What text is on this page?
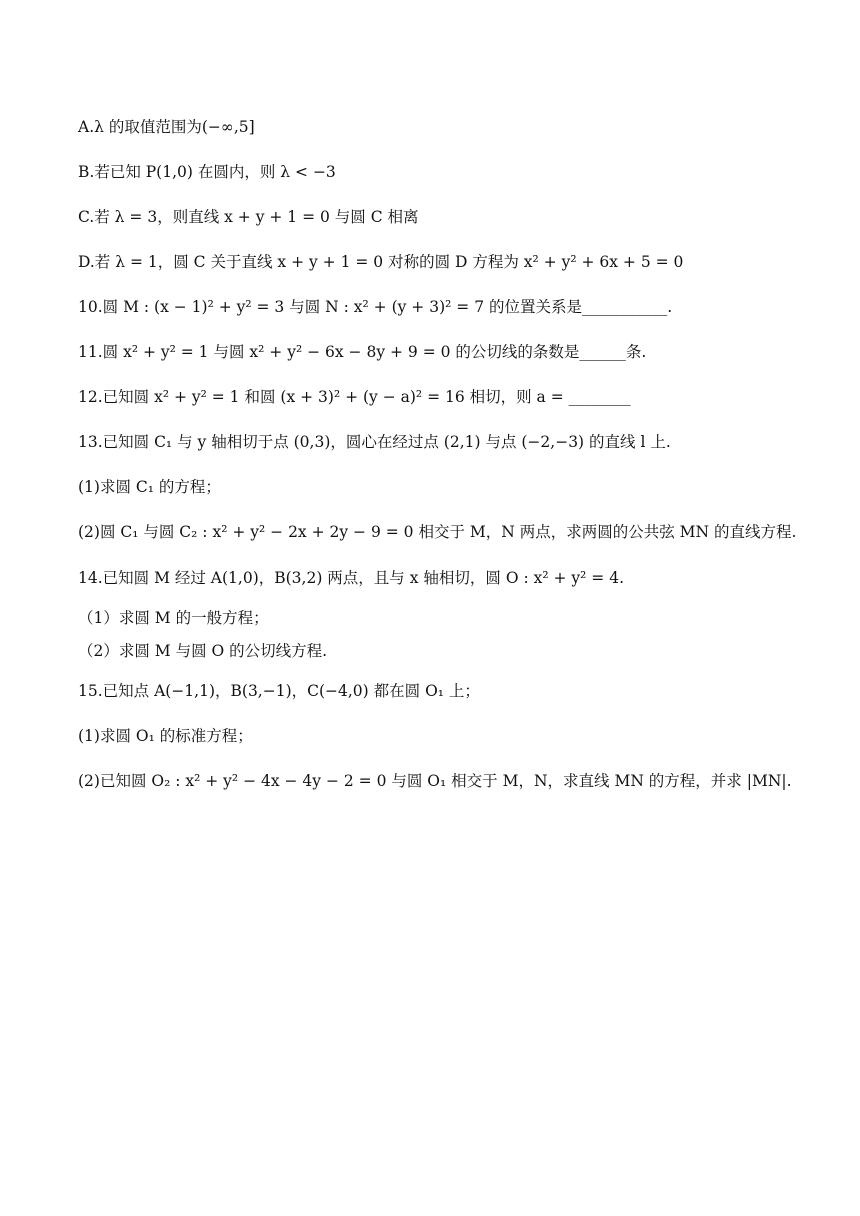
A.λ 的取值范围为(−∞,5]
B.若已知 P(1,0) 在圆内，则 λ < −3
C.若 λ = 3，则直线 x + y + 1 = 0 与圆 C 相离
D.若 λ = 1，圆 C 关于直线 x + y + 1 = 0 对称的圆 D 方程为 x² + y² + 6x + 5 = 0
10.圆 M : (x − 1)² + y² = 3 与圆 N : x² + (y + 3)² = 7 的位置关系是___________.
11.圆 x² + y² = 1 与圆 x² + y² − 6x − 8y + 9 = 0 的公切线的条数是______条.
12.已知圆 x² + y² = 1 和圆 (x + 3)² + (y − a)² = 16 相切，则 a = ________
13.已知圆 C₁ 与 y 轴相切于点 (0,3)，圆心在经过点 (2,1) 与点 (−2,−3) 的直线 l 上.
(1)求圆 C₁ 的方程；
(2)圆 C₁ 与圆 C₂ : x² + y² − 2x + 2y − 9 = 0 相交于 M，N 两点，求两圆的公共弦 MN 的直线方程.
14.已知圆 M 经过 A(1,0)，B(3,2) 两点，且与 x 轴相切，圆 O : x² + y² = 4.
（1）求圆 M 的一般方程；
（2）求圆 M 与圆 O 的公切线方程.
15.已知点 A(−1,1)，B(3,−1)，C(−4,0) 都在圆 O₁ 上；
(1)求圆 O₁ 的标准方程；
(2)已知圆 O₂ : x² + y² − 4x − 4y − 2 = 0 与圆 O₁ 相交于 M，N，求直线 MN 的方程，并求 |MN|.
